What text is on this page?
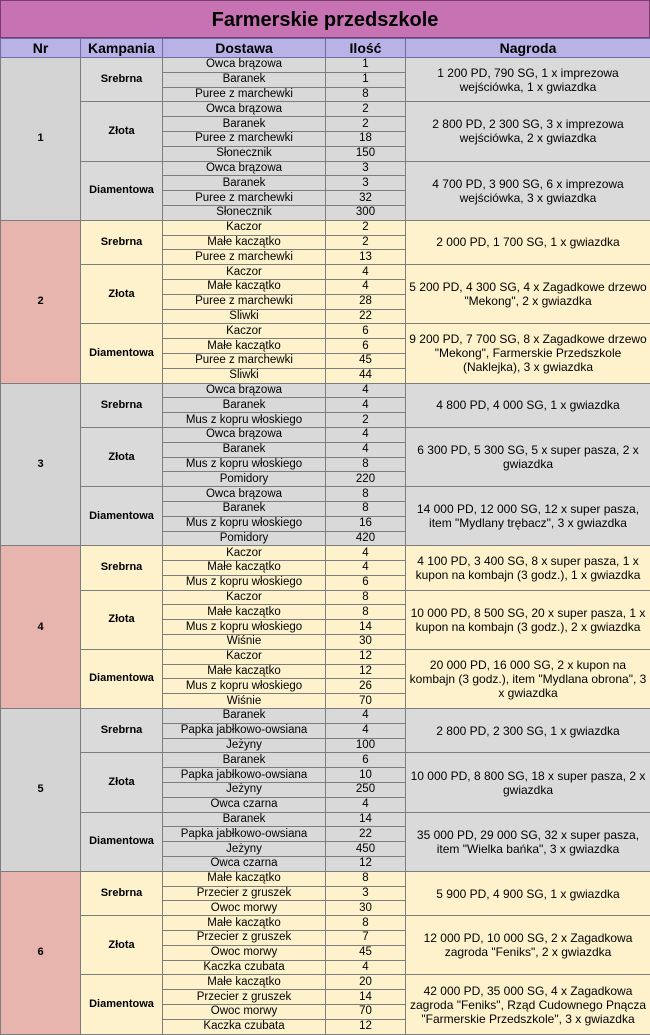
Farmerskie przedszkole
Nr	Kampania	Dostawa	Ilość	Nagroda
1	Srebrna	Owca brązowa	1	1 200 PD, 790 SG, 1 x imprezowa wejściówka, 1 x gwiazdka
		Baranek	1	
		Puree z marchewki	8	
	Złota	Owca brązowa	2	2 800 PD, 2 300 SG, 3 x imprezowa wejściówka, 2 x gwiazdka
		Baranek	2	
		Puree z marchewki	18	
		Słonecznik	150	
	Diamentowa	Owca brązowa	3	4 700 PD, 3 900 SG, 6 x imprezowa wejściówka, 3 x gwiazdka
		Baranek	3	
		Puree z marchewki	32	
		Słonecznik	300	
2	Srebrna	Kaczor	2	2 000 PD, 1 700 SG, 1 x gwiazdka
		Małe kaczątko	2	
		Puree z marchewki	13	
	Złota	Kaczor	4	5 200 PD, 4 300 SG, 4 x Zagadkowe drzewo "Mekong", 2 x gwiazdka
		Małe kaczątko	4	
		Puree z marchewki	28	
		Śliwki	22	
	Diamentowa	Kaczor	6	9 200 PD, 7 700 SG, 8 x Zagadkowe drzewo "Mekong", Farmerskie Przedszkole (Naklejka), 3 x gwiazdka
		Małe kaczątko	6	
		Puree z marchewki	45	
		Śliwki	44	
3	Srebrna	Owca brązowa	4	4 800 PD, 4 000 SG, 1 x gwiazdka
		Baranek	4	
		Mus z kopru włoskiego	2	
	Złota	Owca brązowa	4	6 300 PD, 5 300 SG, 5 x super pasza, 2 x gwiazdka
		Baranek	4	
		Mus z kopru włoskiego	8	
		Pomidory	220	
	Diamentowa	Owca brązowa	8	14 000 PD, 12 000 SG, 12 x super pasza, item "Mydlany trębacz", 3 x gwiazdka
		Baranek	8	
		Mus z kopru włoskiego	16	
		Pomidory	420	
4	Srebrna	Kaczor	4	4 100 PD, 3 400 SG, 8 x super pasza, 1 x kupon na kombajn (3 godz.), 1 x gwiazdka
		Małe kaczątko	4	
		Mus z kopru włoskiego	6	
	Złota	Kaczor	8	10 000 PD, 8 500 SG, 20 x super pasza, 1 x kupon na kombajn (3 godz.), 2 x gwiazdka
		Małe kaczątko	8	
		Mus z kopru włoskiego	14	
		Wiśnie	30	
	Diamentowa	Kaczor	12	20 000 PD, 16 000 SG, 2 x kupon na kombajn (3 godz.), item "Mydlana obrona", 3 x gwiazdka
		Małe kaczątko	12	
		Mus z kopru włoskiego	26	
		Wiśnie	70	
5	Srebrna	Baranek	4	2 800 PD, 2 300 SG, 1 x gwiazdka
		Papka jabłkowo-owsiana	4	
		Jeżyny	100	
	Złota	Baranek	6	10 000 PD, 8 800 SG, 18 x super pasza, 2 x gwiazdka
		Papka jabłkowo-owsiana	10	
		Jeżyny	250	
		Owca czarna	4	
	Diamentowa	Baranek	14	35 000 PD, 29 000 SG, 32 x super pasza, item "Wielka bańka", 3 x gwiazdka
		Papka jabłkowo-owsiana	22	
		Jeżyny	450	
		Owca czarna	12	
6	Srebrna	Małe kaczątko	8	5 900 PD, 4 900 SG, 1 x gwiazdka
		Przecier z gruszek	3	
		Owoc morwy	30	
	Złota	Małe kaczątko	8	12 000 PD, 10 000 SG, 2 x Zagadkowa zagroda "Feniks", 2 x gwiazdka
		Przecier z gruszek	7	
		Owoc morwy	45	
		Kaczka czubata	4	
	Diamentowa	Małe kaczątko	20	42 000 PD, 35 000 SG, 4 x Zagadkowa zagroda "Feniks", Rząd Cudownego Pnącza "Farmerskie Przedszkole", 3 x gwiazdka
		Przecier z gruszek	14	
		Owoc morwy	70	
		Kaczka czubata	12	
